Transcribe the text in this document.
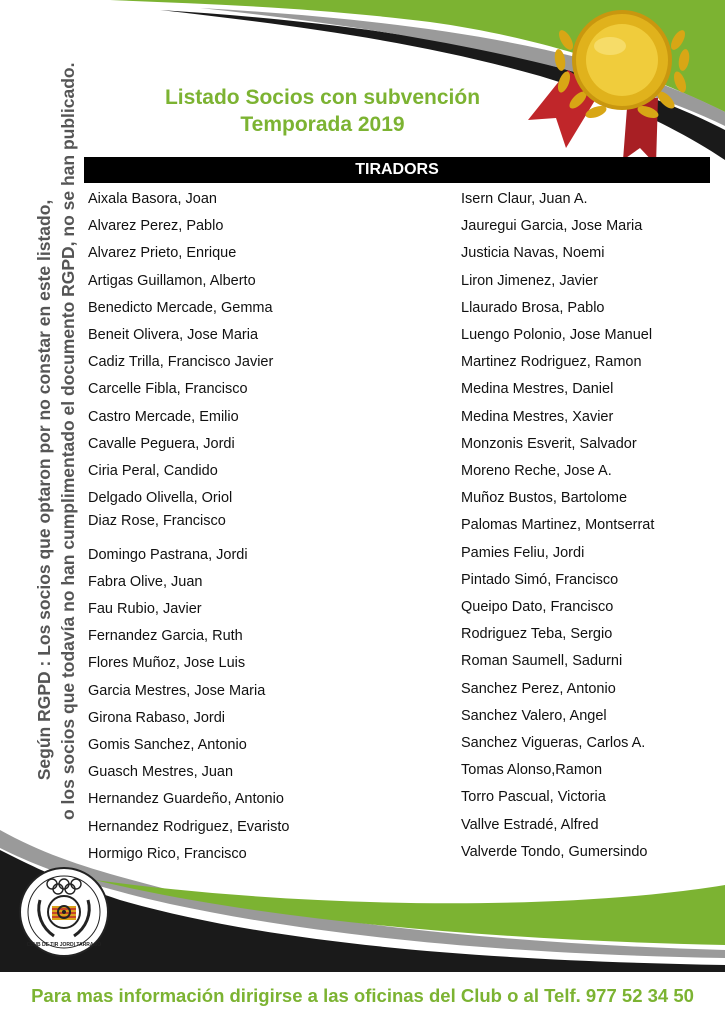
Listado Socios con subvención
Temporada 2019
Según RGPD : Los socios que optaron por no constar en este listado, o los socios que todavía no han cumplimentado el documento RGPD, no se han publicado.	TIRADORS
Aixala Basora, Joan
Alvarez Perez, Pablo
Alvarez Prieto, Enrique
Artigas Guillamon, Alberto
Benedicto Mercade, Gemma
Beneit Olivera, Jose Maria
Cadiz Trilla, Francisco Javier
Carcelle Fibla, Francisco
Castro Mercade, Emilio
Cavalle Peguera, Jordi
Ciria Peral, Candido
Delgado Olivella, Oriol
Diaz Rose, Francisco
Domingo Pastrana, Jordi
Fabra Olive, Juan
Fau Rubio, Javier
Fernandez Garcia, Ruth
Flores Muñoz, Jose Luis
Garcia Mestres, Jose Maria
Girona Rabaso, Jordi
Gomis Sanchez, Antonio
Guasch Mestres, Juan
Hernandez Guardeño, Antonio
Hernandez Rodriguez, Evaristo
Hormigo Rico, Francisco
Isern Claur, Juan A.
Jauregui Garcia, Jose Maria
Justicia Navas, Noemi
Liron Jimenez, Javier
Llaurado Brosa, Pablo
Luengo Polonio, Jose Manuel
Martinez Rodriguez, Ramon
Medina Mestres, Daniel
Medina Mestres, Xavier
Monzonis Esverit, Salvador
Moreno Reche, Jose A.
Muñoz Bustos, Bartolome
Palomas Martinez, Montserrat
Pamies Feliu, Jordi
Pintado Simó, Francisco
Queipo Dato, Francisco
Rodriguez Teba, Sergio
Roman Saumell, Sadurni
Sanchez Perez, Antonio
Sanchez Valero, Angel
Sanchez Vigueras, Carlos A.
Tomas Alonso,Ramon
Torro Pascual, Victoria
Vallve Estradé, Alfred
Valverde Tondo, Gumersindo
CLUB DE TIR JORDI TARRAGÓ
Para mas información dirigirse a las oficinas del Club o al Telf. 977 52 34 50
